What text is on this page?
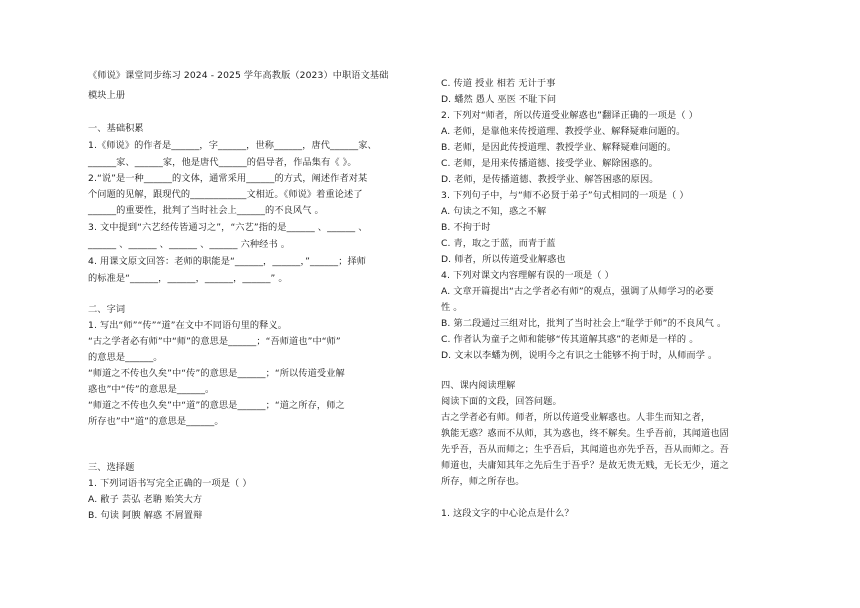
《师说》课堂同步练习 2024 - 2025 学年高教版（2023）中职语文基础
模块上册
一、基础积累
1.《师说》的作者是______，字______，世称______，唐代______家、
______家、______家，他是唐代______的倡导者，作品集有《 》。
2.“说”是一种______的文体，通常采用______的方式，阐述作者对某
个问题的见解，跟现代的____________文相近。《师说》着重论述了
______的重要性，批判了当时社会上______的不良风气 。
3. 文中提到“六艺经传皆通习之”，“六艺”指的是______ 、______ 、
______ 、______ 、______ 、______ 六种经书 。
4. 用课文原文回答：老师的职能是“______，______，”______；择师
的标准是“______，______，______，______” 。
二、字词
1. 写出“师”“传”“道”在文中不同语句里的释义。
“古之学者必有师”中“师”的意思是______；“吾师道也”中“师”
的意思是______。
“师道之不传也久矣”中“传”的意思是______；“所以传道受业解
惑也”中“传”的意思是______。
“师道之不传也久矣”中“道”的意思是______；“道之所存，师之
所存也”中“道”的意思是______。
三、选择题
1. 下列词语书写完全正确的一项是（ ）
A. 敝子 芸弘 老聃 贻笑大方
B. 句读 阿腴 解惑 不屑置辩
C. 传道 授业 相若 无计于事
D. 蟠然 愚人 巫医 不耻下问
2. 下列对“师者，所以传道受业解惑也”翻译正确的一项是（ ）
A. 老师，是靠他来传授道理、教授学业、解释疑难问题的。
B. 老师，是因此传授道理、教授学业、解释疑难问题的。
C. 老师，是用来传播道德、接受学业、解除困惑的。
D. 老师，是传播道德、教授学业、解答困惑的原因。
3. 下列句子中，与“师不必贤于弟子”句式相同的一项是（ ）
A. 句读之不知，惑之不解
B. 不拘于时
C. 青，取之于蓝，而青于蓝
D. 师者，所以传道受业解惑也
4. 下列对课文内容理解有误的一项是（ ）
A. 文章开篇提出“古之学者必有师”的观点，强调了从师学习的必要
性 。
B. 第二段通过三组对比，批判了当时社会上“耻学于师”的不良风气 。
C. 作者认为童子之师和能够“传其道解其惑”的老师是一样的 。
D. 文末以李蟠为例，说明今之有识之士能够不拘于时，从师而学 。
四、课内阅读理解
阅读下面的文段，回答问题。
古之学者必有师。师者，所以传道受业解惑也。人非生而知之者，
孰能无惑？惑而不从师，其为惑也，终不解矣。生乎吾前，其闻道也固
先乎吾，吾从而师之；生乎吾后，其闻道也亦先乎吾，吾从而师之。吾
师道也，夫庸知其年之先后生于吾乎？是故无贵无贱，无长无少，道之
所存，师之所存也。
1. 这段文字的中心论点是什么？
